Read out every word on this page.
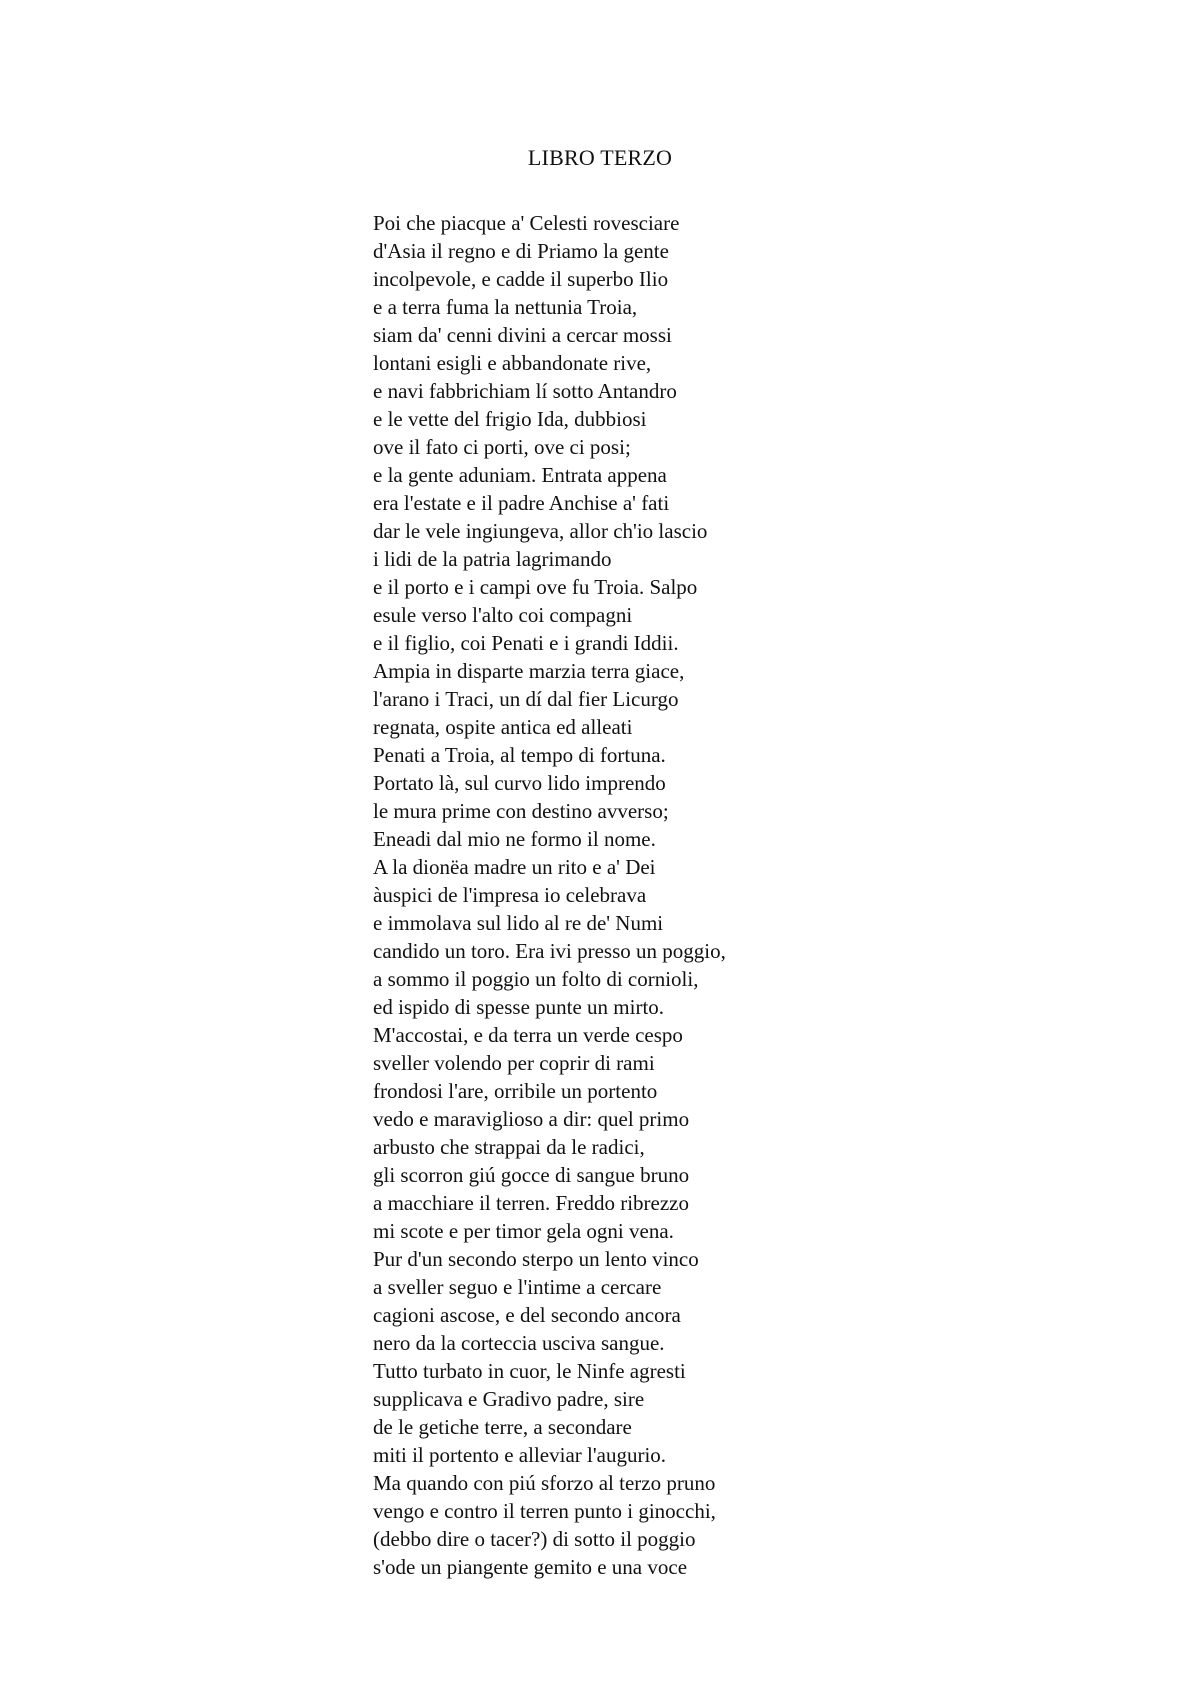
LIBRO TERZO
Poi che piacque a' Celesti rovesciare
d'Asia il regno e di Priamo la gente
incolpevole, e cadde il superbo Ilio
e a terra fuma la nettunia Troia,
siam da' cenni divini a cercar mossi
lontani esigli e abbandonate rive,
e navi fabbrichiam lí sotto Antandro
e le vette del frigio Ida, dubbiosi
ove il fato ci porti, ove ci posi;
e la gente aduniam. Entrata appena
era l'estate e il padre Anchise a' fati
dar le vele ingiungeva, allor ch'io lascio
i lidi de la patria lagrimando
e il porto e i campi ove fu Troia. Salpo
esule verso l'alto coi compagni
e il figlio, coi Penati e i grandi Iddii.
Ampia in disparte marzia terra giace,
l'arano i Traci, un dí dal fier Licurgo
regnata, ospite antica ed alleati
Penati a Troia, al tempo di fortuna.
Portato là, sul curvo lido imprendo
le mura prime con destino avverso;
Eneadi dal mio ne formo il nome.
A la dionëa madre un rito e a' Dei
àuspici de l'impresa io celebrava
e immolava sul lido al re de' Numi
candido un toro. Era ivi presso un poggio,
a sommo il poggio un folto di cornioli,
ed ispido di spesse punte un mirto.
M'accostai, e da terra un verde cespo
sveller volendo per coprir di rami
frondosi l'are, orribile un portento
vedo e maraviglioso a dir: quel primo
arbusto che strappai da le radici,
gli scorron giú gocce di sangue bruno
a macchiare il terren. Freddo ribrezzo
mi scote e per timor gela ogni vena.
Pur d'un secondo sterpo un lento vinco
a sveller seguo e l'intime a cercare
cagioni ascose, e del secondo ancora
nero da la corteccia usciva sangue.
Tutto turbato in cuor, le Ninfe agresti
supplicava e Gradivo padre, sire
de le getiche terre, a secondare
miti il portento e alleviar l'augurio.
Ma quando con piú sforzo al terzo pruno
vengo e contro il terren punto i ginocchi,
(debbo dire o tacer?) di sotto il poggio
s'ode un piangente gemito e una voce
